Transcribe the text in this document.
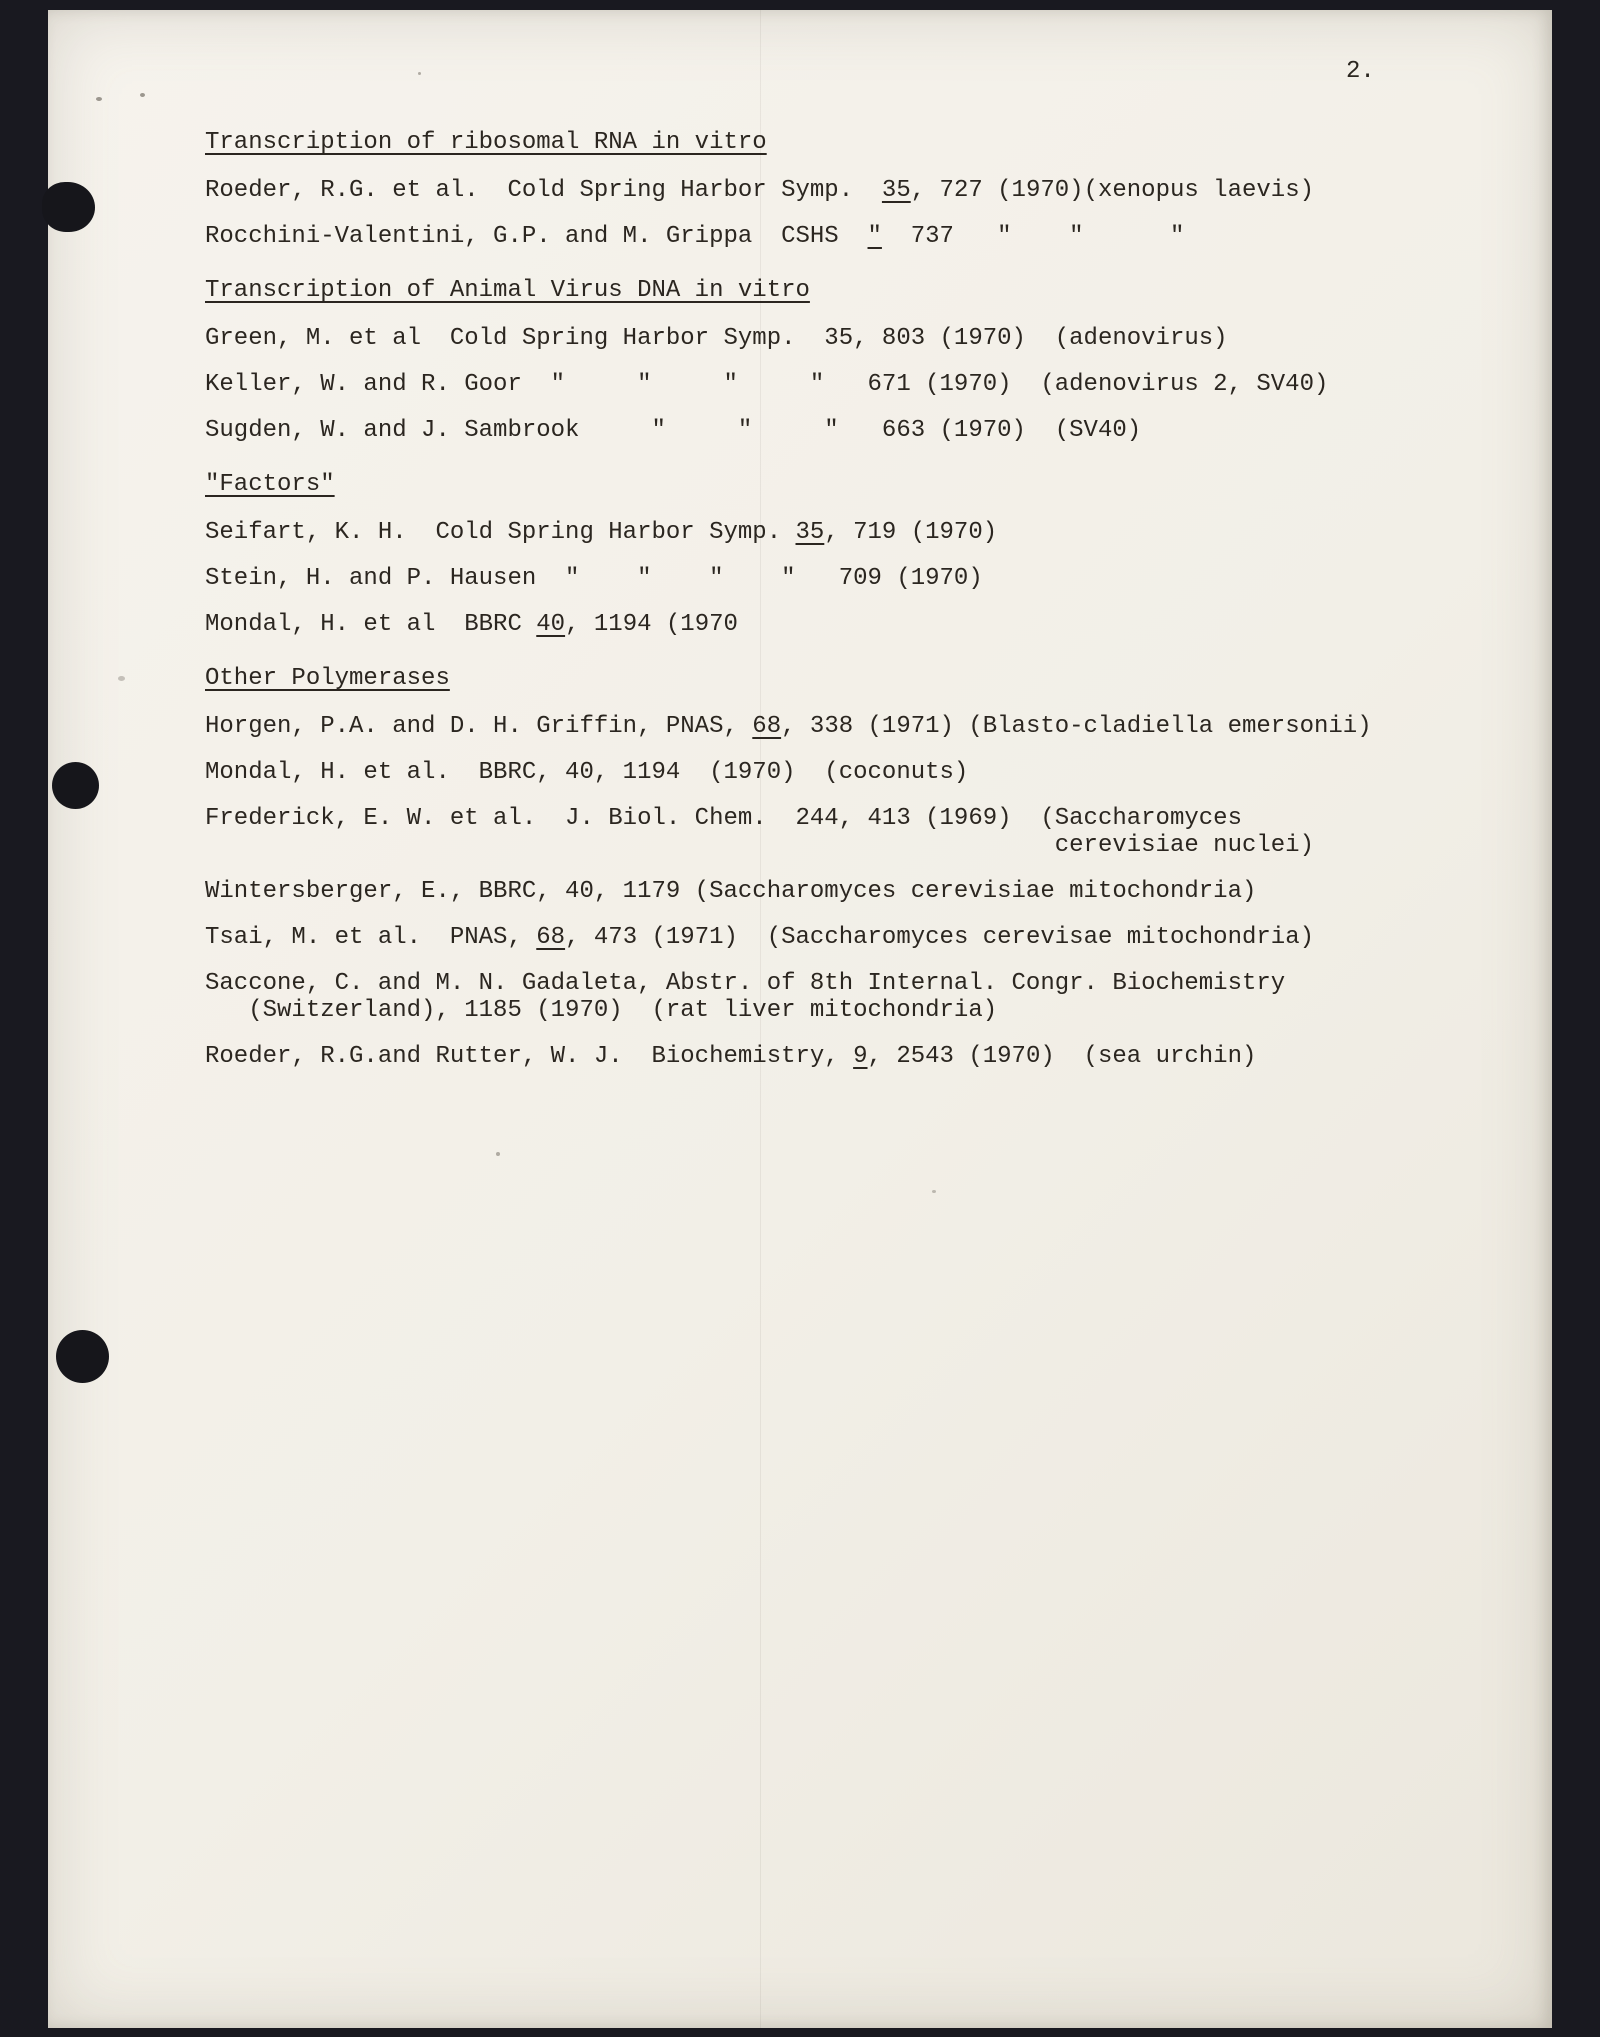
2.
Transcription of ribosomal RNA in vitro
Roeder, R.G. et al.  Cold Spring Harbor Symp.  35, 727 (1970)(xenopus laevis)
Rocchini-Valentini, G.P. and M. Grippa  CSHS  "  737   "    "      "
Transcription of Animal Virus DNA in vitro
Green, M. et al  Cold Spring Harbor Symp.  35, 803 (1970)  (adenovirus)
Keller, W. and R. Goor  "     "     "     "   671 (1970)  (adenovirus 2, SV40)
Sugden, W. and J. Sambrook     "     "     "   663 (1970)  (SV40)
"Factors"
Seifart, K. H.  Cold Spring Harbor Symp. 35, 719 (1970)
Stein, H. and P. Hausen  "    "    "    "   709 (1970)
Mondal, H. et al  BBRC 40, 1194 (1970
Other Polymerases
Horgen, P.A. and D. H. Griffin, PNAS, 68, 338 (1971) (Blasto-cladiella emersonii)
Mondal, H. et al.  BBRC, 40, 1194  (1970)  (coconuts)
Frederick, E. W. et al.  J. Biol. Chem.  244, 413 (1969)  (Saccharomyces
cerevisiae nuclei)
Wintersberger, E., BBRC, 40, 1179 (Saccharomyces cerevisiae mitochondria)
Tsai, M. et al.  PNAS, 68, 473 (1971)  (Saccharomyces cerevisae mitochondria)
Saccone, C. and M. N. Gadaleta, Abstr. of 8th Internal. Congr. Biochemistry
(Switzerland), 1185 (1970)  (rat liver mitochondria)
Roeder, R.G.and Rutter, W. J.  Biochemistry, 9, 2543 (1970)  (sea urchin)
